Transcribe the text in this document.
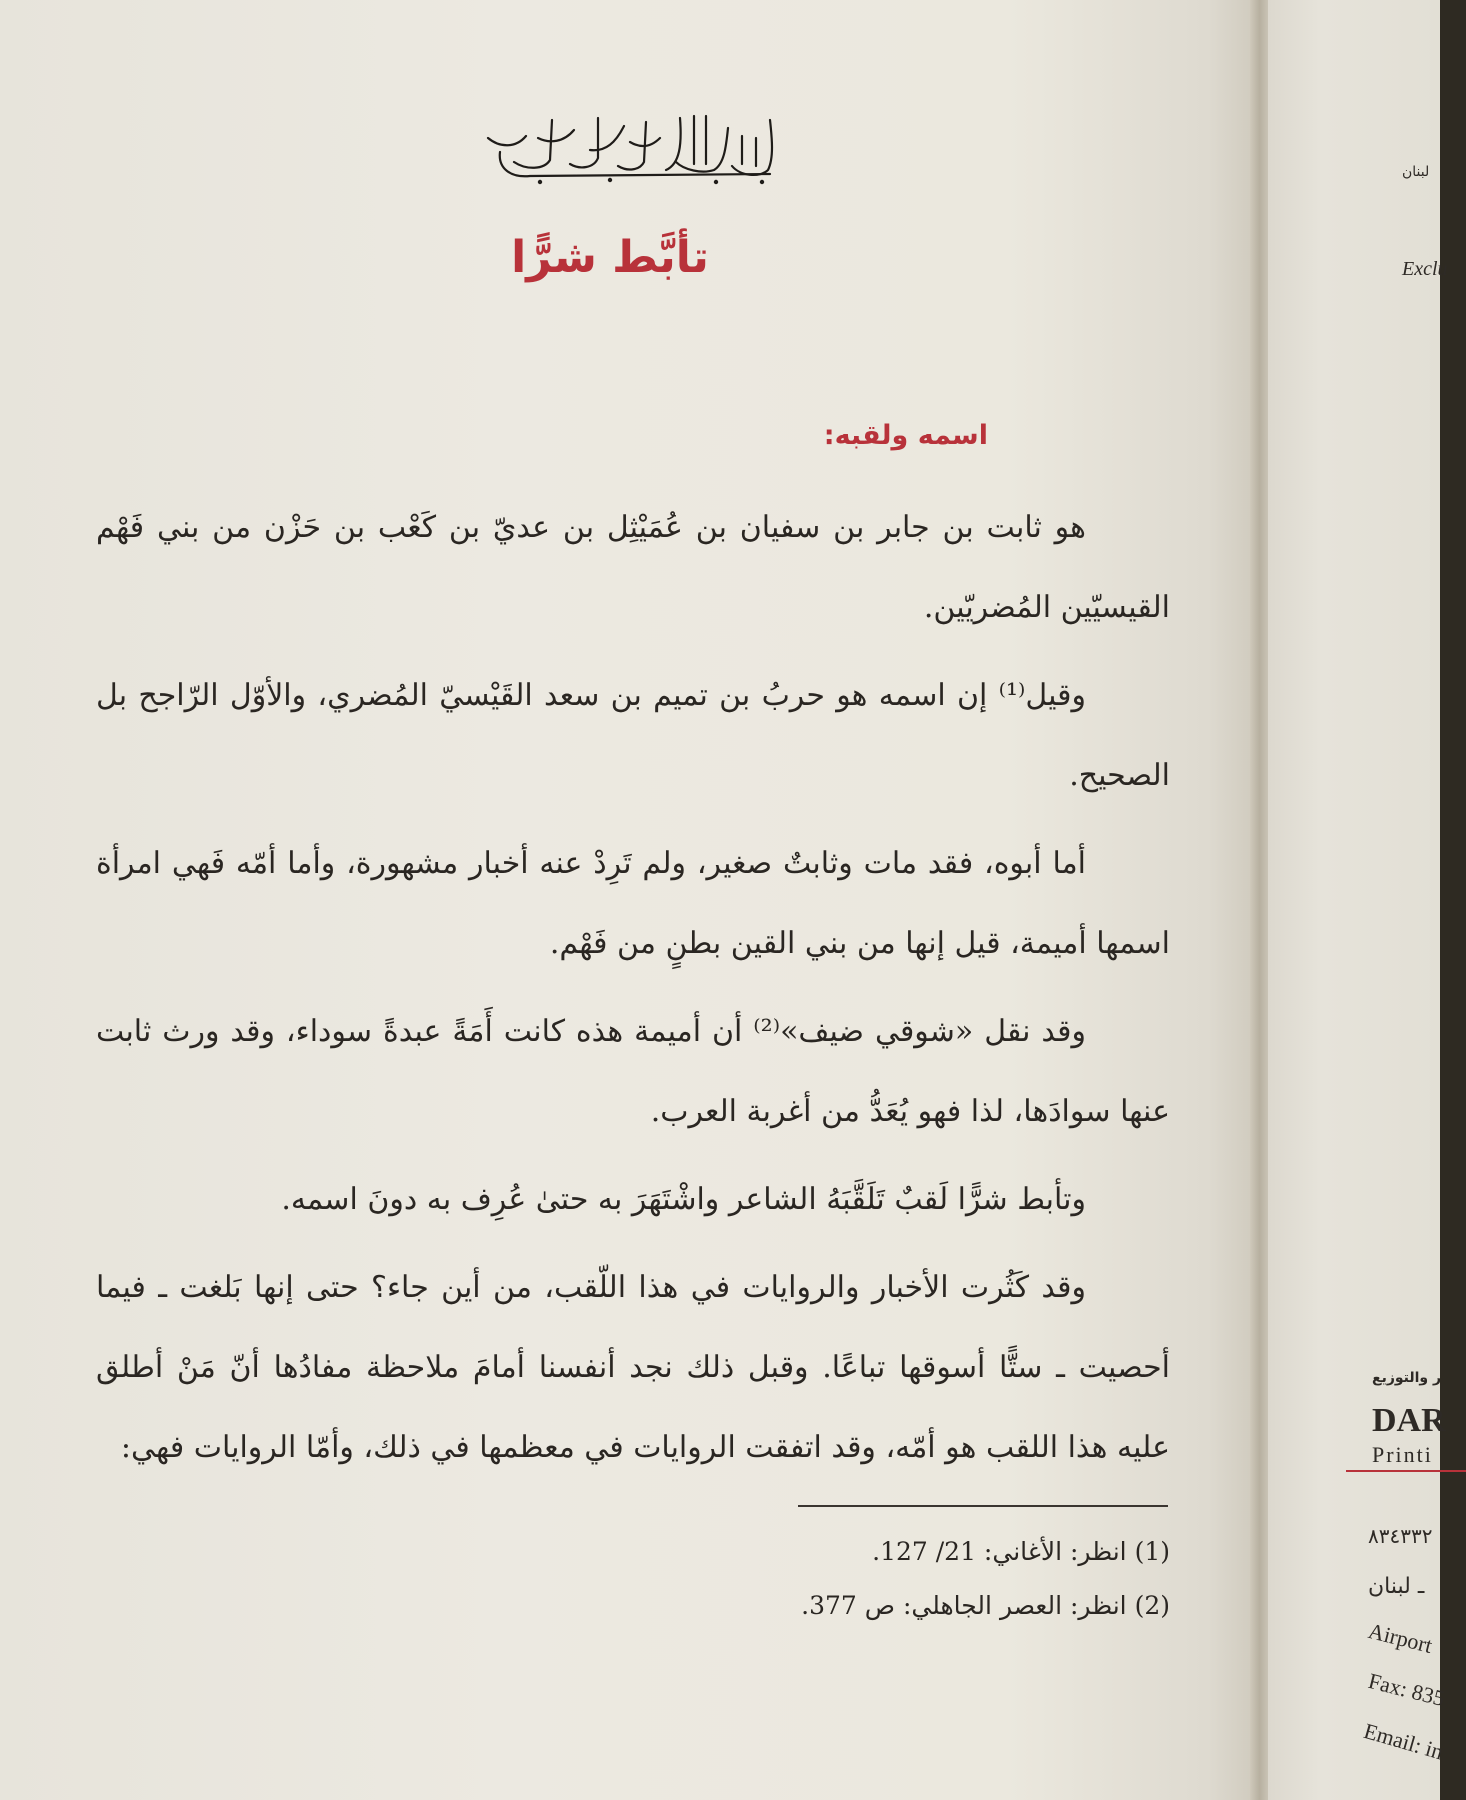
تأبَّط شرًّا
اسمه ولقبه:

هو ثابت بن جابر بن سفيان بن عُمَيْثِل بن عديّ بن كَعْب بن حَزْن من بني فَهْم القيسيّين المُضريّين.

وقيل⁽¹⁾ إن اسمه هو حربُ بن تميم بن سعد القَيْسيّ المُضري، والأوّل الرّاجح بل الصحيح.

أما أبوه، فقد مات وثابتٌ صغير، ولم تَرِدْ عنه أخبار مشهورة، وأما أمّه فَهي امرأة اسمها أميمة، قيل إنها من بني القين بطنٍ من فَهْم.

وقد نقل «شوقي ضيف»⁽²⁾ أن أميمة هذه كانت أَمَةً عبدةً سوداء، وقد ورث ثابت عنها سوادَها، لذا فهو يُعَدُّ من أغربة العرب.

وتأبط شرًّا لَقبٌ تَلَقَّبَهُ الشاعر واشْتَهَرَ به حتىٰ عُرِف به دونَ اسمه.

وقد كَثُرت الأخبار والروايات في هذا اللّقب، من أين جاء؟ حتى إنها بَلغت ـ فيما أحصيت ـ ستًّا أسوقها تباعًا. وقبل ذلك نجد أنفسنا أمامَ ملاحظة مفادُها أنّ مَنْ أطلق عليه هذا اللقب هو أمّه، وقد اتفقت الروايات في معظمها في ذلك، وأمّا الروايات فهي:

(1) انظر: الأغاني: 21/ 127.
(2) انظر: العصر الجاهلي: ص 377.
لبنان
Exclu
ر والتوزيع
DAR
Printi
٨٣٤٣٣٢
ـ لبنان
Airport
Fax: 835
Email: in
